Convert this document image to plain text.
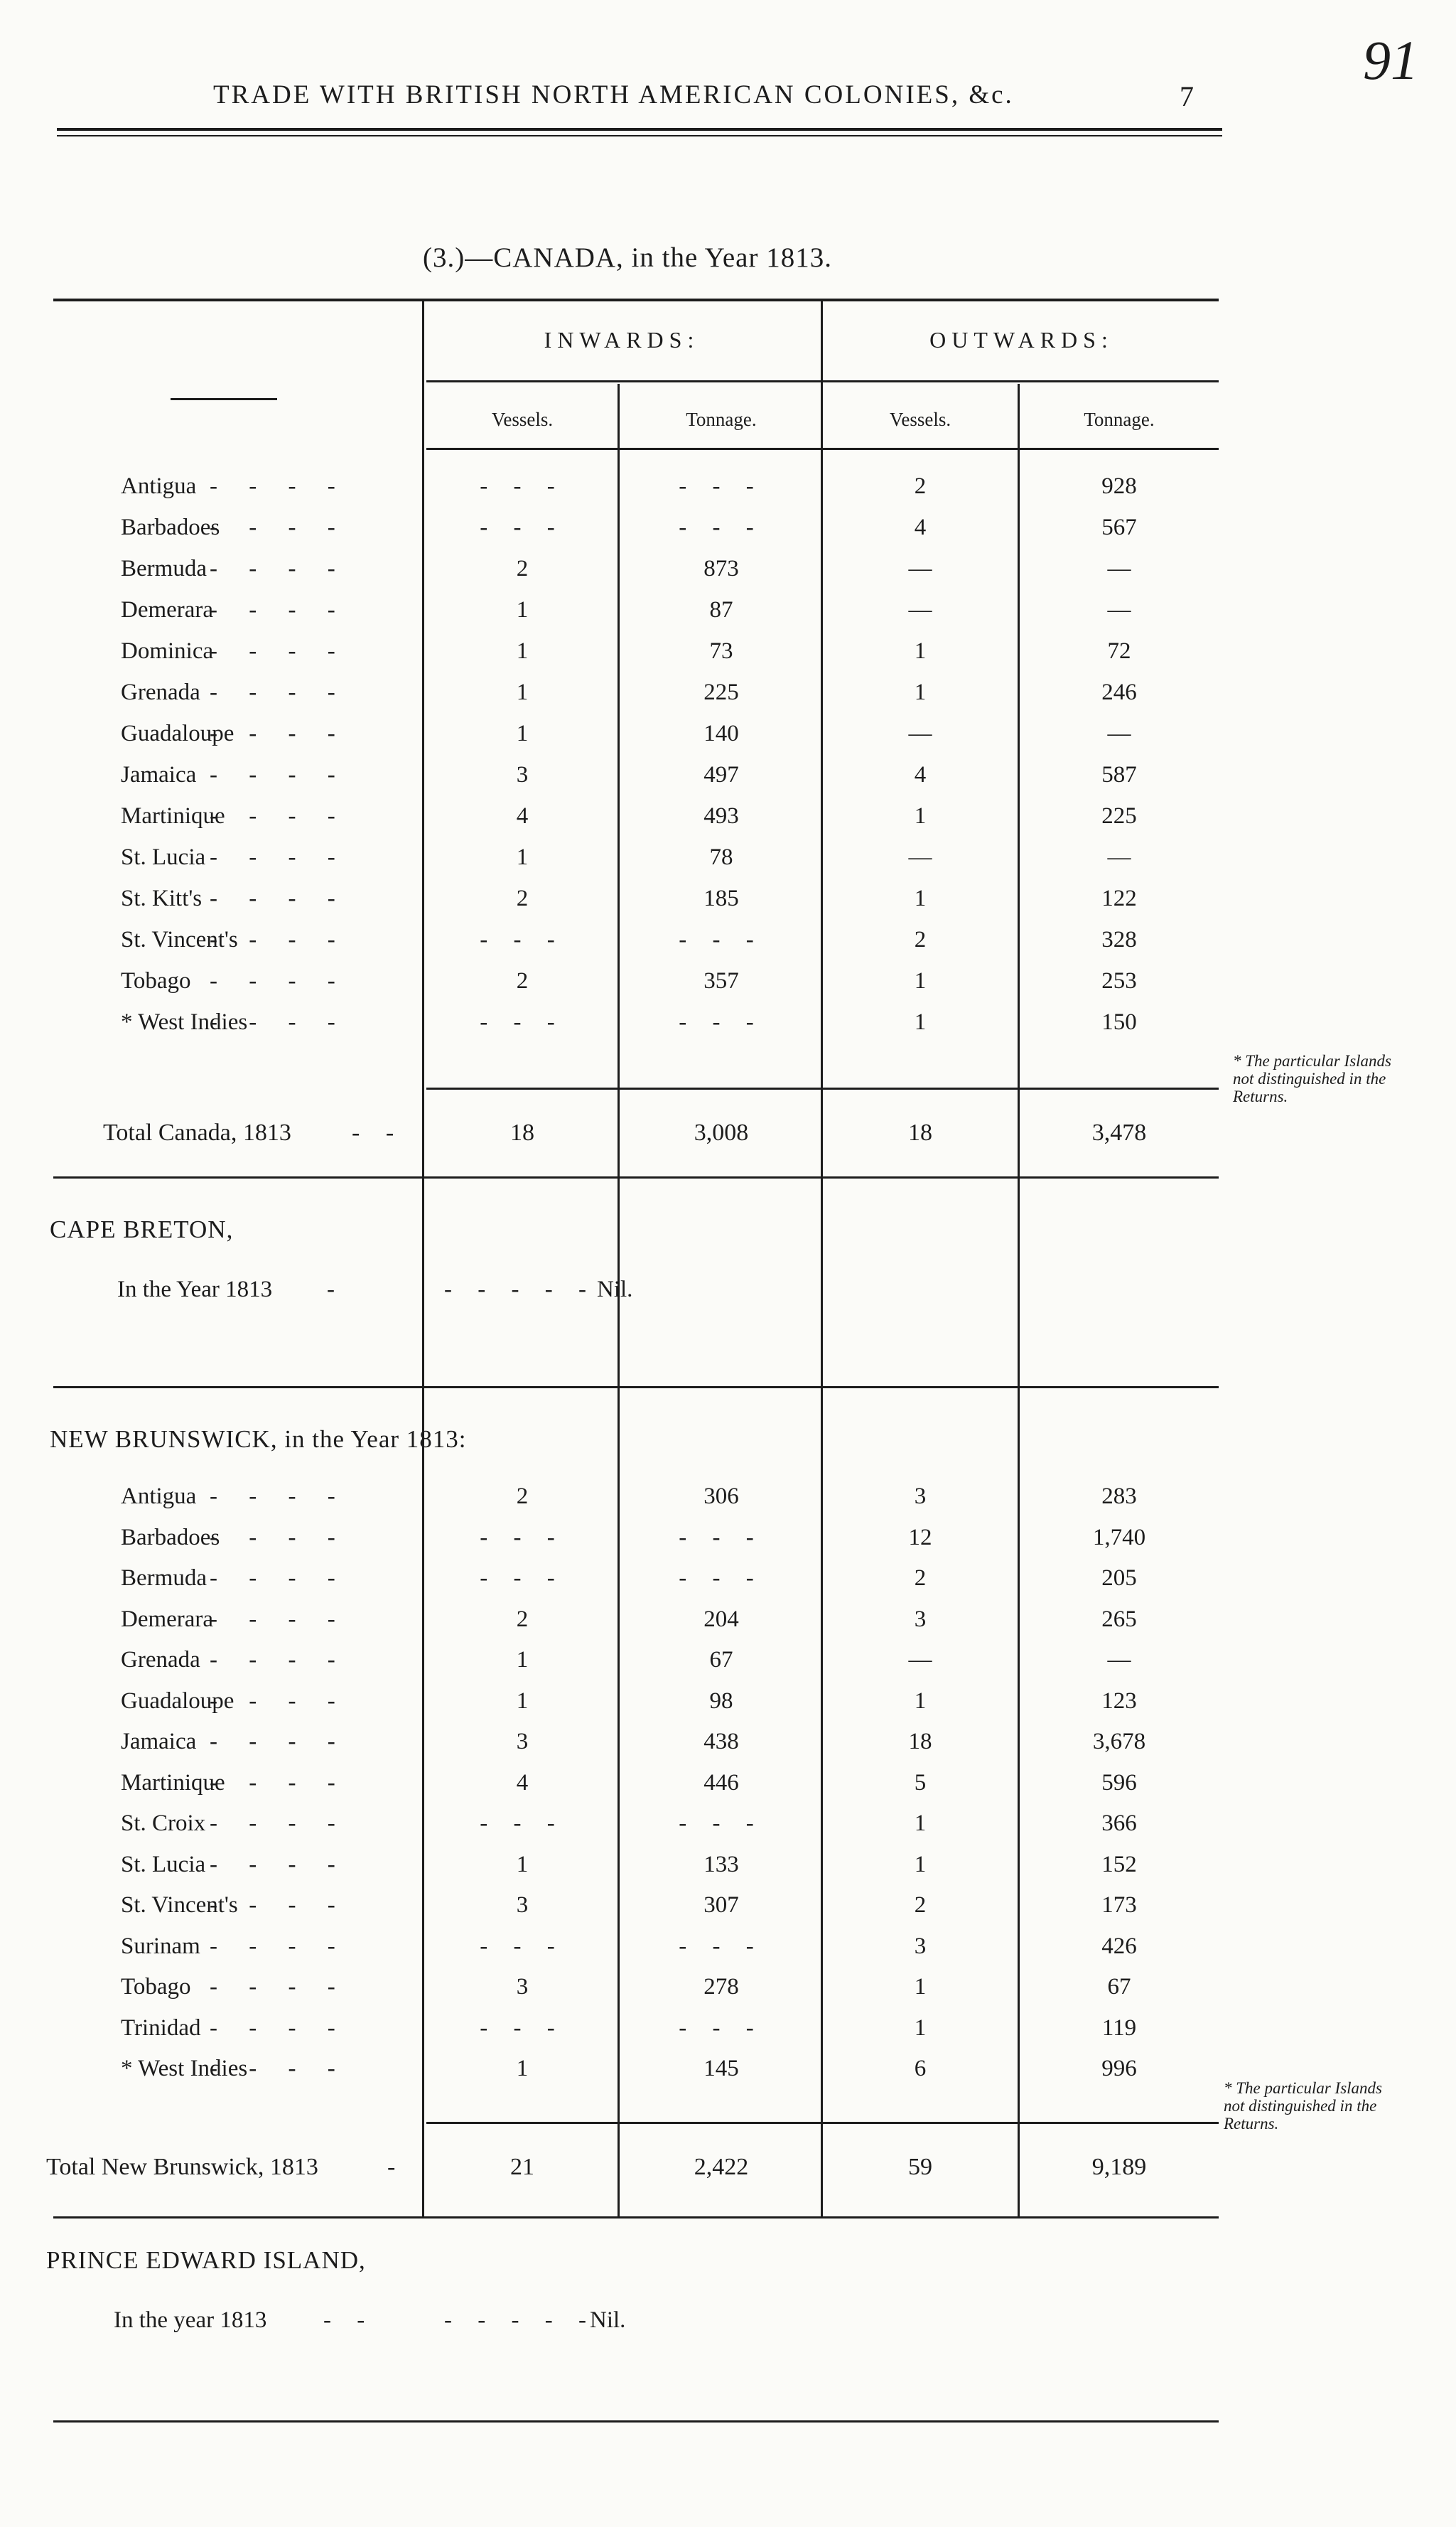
TRADE WITH BRITISH NORTH AMERICAN COLONIES, &c.	7
91
(3.)—CANADA, in the Year 1813.
INWARDS:	OUTWARDS:
Vessels.	Tonnage.	Vessels.	Tonnage.
- - - -
Antigua	- - -	- - -	2	928
- - - -
Barbadoes	- - -	- - -	4	567
- - - -
Bermuda	2	873	—	—
- - - -
Demerara	1	87	—	—
- - - -
Dominica	1	73	1	72
- - - -
Grenada	1	225	1	246
- - - -
Guadaloupe	1	140	—	—
- - - -
Jamaica	3	497	4	587
- - - -
Martinique	4	493	1	225
- - - -
St. Lucia	1	78	—	—
- - - -
St. Kitt's	2	185	1	122
- - - -
St. Vincent's	- - -	- - -	2	328
- - - -
Tobago	2	357	1	253
- - - -
* West Indies	- - -	- - -	1	150
Total Canada, 1813	- -	18	3,008	18	3,478
* The particular Islands not distinguished in the Returns.
CAPE BRETON,
In the Year 1813 -	- - - - - Nil.
NEW BRUNSWICK, in the Year 1813:
- - - -
Antigua	2	306	3	283
- - - -
Barbadoes	- - -	- - -	12	1,740
- - - -
Bermuda	- - -	- - -	2	205
- - - -
Demerara	2	204	3	265
- - - -
Grenada	1	67	—	—
- - - -
Guadaloupe	1	98	1	123
- - - -
Jamaica	3	438	18	3,678
- - - -
Martinique	4	446	5	596
- - - -
St. Croix	- - -	- - -	1	366
- - - -
St. Lucia	1	133	1	152
- - - -
St. Vincent's	3	307	2	173
- - - -
Surinam	- - -	- - -	3	426
- - - -
Tobago	3	278	1	67
- - - -
Trinidad	- - -	- - -	1	119
- - - -
* West Indies	1	145	6	996
Total New Brunswick, 1813	-	21	2,422	59	9,189
* The particular Islands not distinguished in the Returns.
PRINCE EDWARD ISLAND,
In the year 1813 - -	- - - - -
Nil.
